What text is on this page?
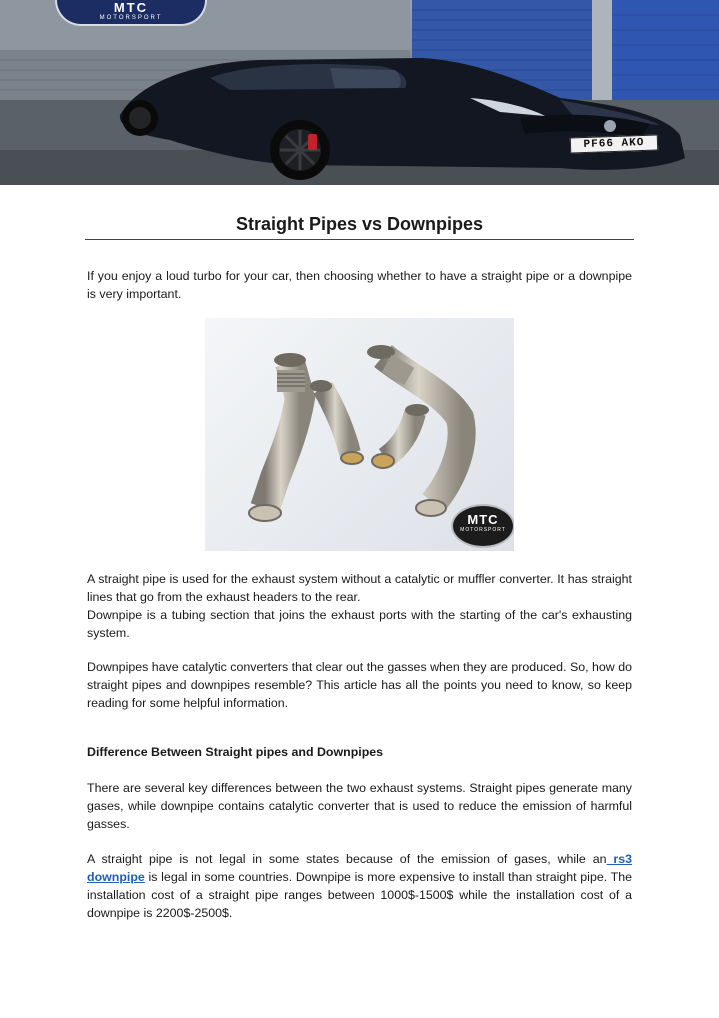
MTC
MOTORSPORT
PF66 AKO
Straight Pipes vs Downpipes

If you enjoy a loud turbo for your car, then choosing whether to have a straight pipe or a downpipe is very important.

MTC
MOTORSPORT

A straight pipe is used for the exhaust system without a catalytic or muffler converter. It has straight lines that go from the exhaust headers to the rear.

Downpipe is a tubing section that joins the exhaust ports with the starting of the car's exhausting system.

Downpipes have catalytic converters that clear out the gasses when they are produced. So, how do straight pipes and downpipes resemble? This article has all the points you need to know, so keep reading for some helpful information.

Difference Between Straight pipes and Downpipes

There are several key differences between the two exhaust systems. Straight pipes generate many gases, while downpipe contains catalytic converter that is used to reduce the emission of harmful gasses.

A straight pipe is not legal in some states because of the emission of gases, while an rs3 downpipe is legal in some countries. Downpipe is more expensive to install than straight pipe. The installation cost of a straight pipe ranges between 1000$-1500$ while the installation cost of a downpipe is 2200$-2500$.
